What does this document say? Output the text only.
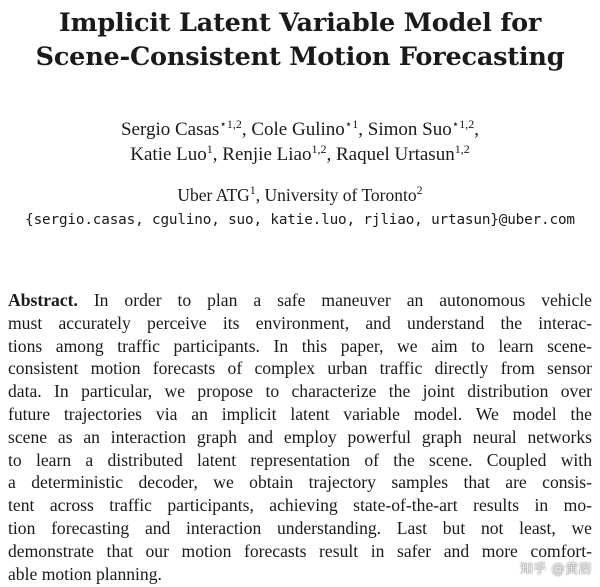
Implicit Latent Variable Model for
Scene-Consistent Motion Forecasting
Sergio Casas$^{⋆1,2}$, Cole Gulino$^{⋆1}$, Simon Suo$^{⋆1,2}$,
Katie Luo$^1$, Renjie Liao$^{1,2}$, Raquel Urtasun$^{1,2}$
Uber ATG$^1$, University of Toronto$^2$
{sergio.casas, cgulino, suo, katie.luo, rjliao, urtasun}@uber.com
Abstract. In order to plan a safe maneuver an autonomous vehicle
must accurately perceive its environment, and understand the interac-
tions among traffic participants. In this paper, we aim to learn scene-
consistent motion forecasts of complex urban traffic directly from sensor
data. In particular, we propose to characterize the joint distribution over
future trajectories via an implicit latent variable model. We model the
scene as an interaction graph and employ powerful graph neural networks
to learn a distributed latent representation of the scene. Coupled with
a deterministic decoder, we obtain trajectory samples that are consis-
tent across traffic participants, achieving state-of-the-art results in mo-
tion forecasting and interaction understanding. Last but not least, we
demonstrate that our motion forecasts result in safer and more comfort-
able motion planning.	知乎 @黄浴
